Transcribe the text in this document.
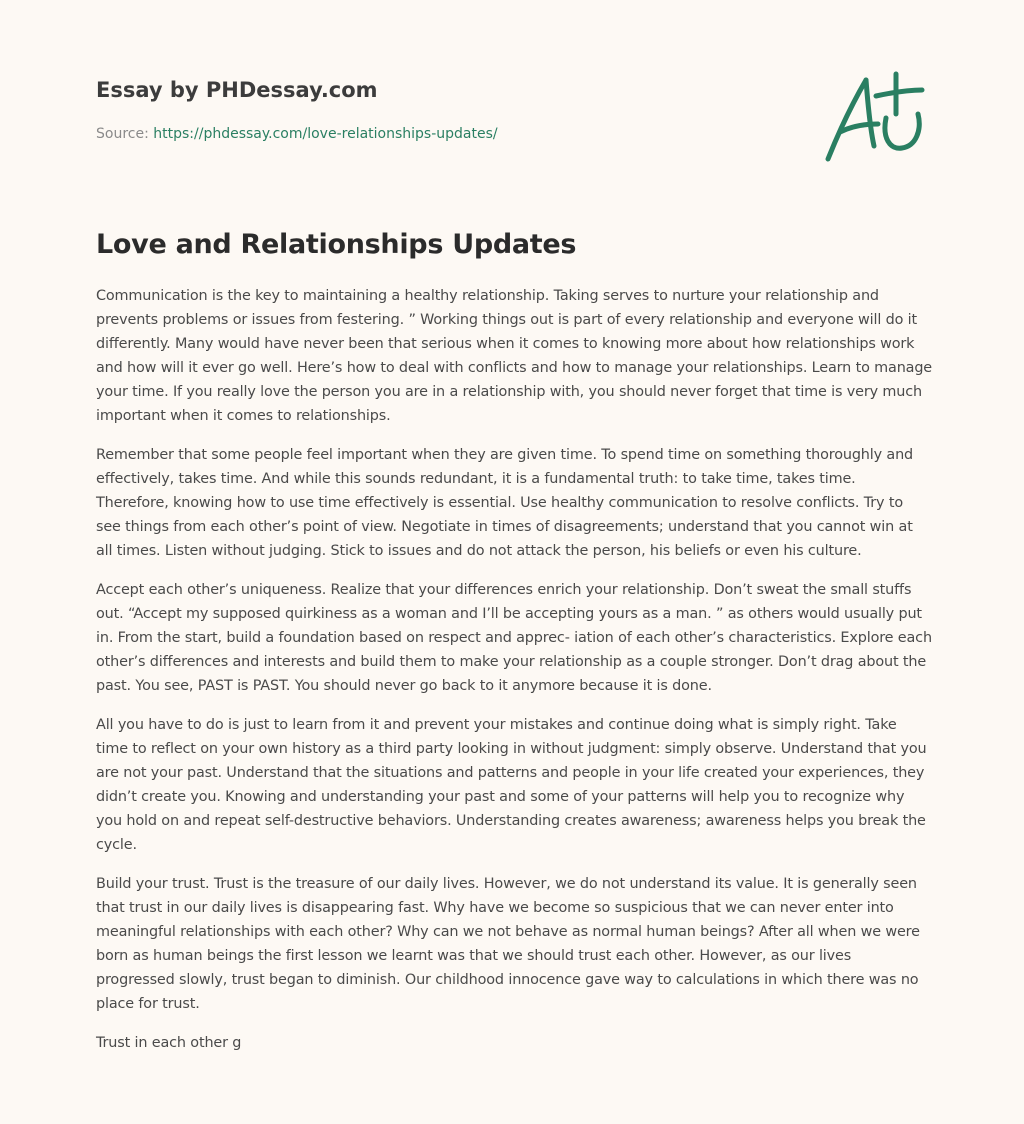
Essay by PHDessay.com
Source: https://phdessay.com/love-relationships-updates/
Love and Relationships Updates

Communication is the key to maintaining a healthy relationship. Taking serves to nurture your relationship and prevents problems or issues from festering. ” Working things out is part of every relationship and everyone will do it differently. Many would have never been that serious when it comes to knowing more about how relationships work and how will it ever go well. Here’s how to deal with conflicts and how to manage your relationships. Learn to manage your time. If you really love the person you are in a relationship with, you should never forget that time is very much important when it comes to relationships.

Remember that some people feel important when they are given time. To spend time on something thoroughly and effectively, takes time. And while this sounds redundant, it is a fundamental truth: to take time, takes time. Therefore, knowing how to use time effectively is essential. Use healthy communication to resolve conflicts. Try to see things from each other’s point of view. Negotiate in times of disagreements; understand that you cannot win at all times. Listen without judging. Stick to issues and do not attack the person, his beliefs or even his culture.

Accept each other’s uniqueness. Realize that your differences enrich your relationship. Don’t sweat the small stuffs out. “Accept my supposed quirkiness as a woman and I’ll be accepting yours as a man. ” as others would usually put in. From the start, build a foundation based on respect and apprec- iation of each other’s characteristics. Explore each other’s differences and interests and build them to make your relationship as a couple stronger. Don’t drag about the past. You see, PAST is PAST. You should never go back to it anymore because it is done.

All you have to do is just to learn from it and prevent your mistakes and continue doing what is simply right. Take time to reflect on your own history as a third party looking in without judgment: simply observe. Understand that you are not your past. Understand that the situations and patterns and people in your life created your experiences, they didn’t create you. Knowing and understanding your past and some of your patterns will help you to recognize why you hold on and repeat self-destructive behaviors. Understanding creates awareness; awareness helps you break the cycle.

Build your trust. Trust is the treasure of our daily lives. However, we do not understand its value. It is generally seen that trust in our daily lives is disappearing fast. Why have we become so suspicious that we can never enter into meaningful relationships with each other? Why can we not behave as normal human beings? After all when we were born as human beings the first lesson we learnt was that we should trust each other. However, as our lives progressed slowly, trust began to diminish. Our childhood innocence gave way to calculations in which there was no place for trust.

Trust in each other g
